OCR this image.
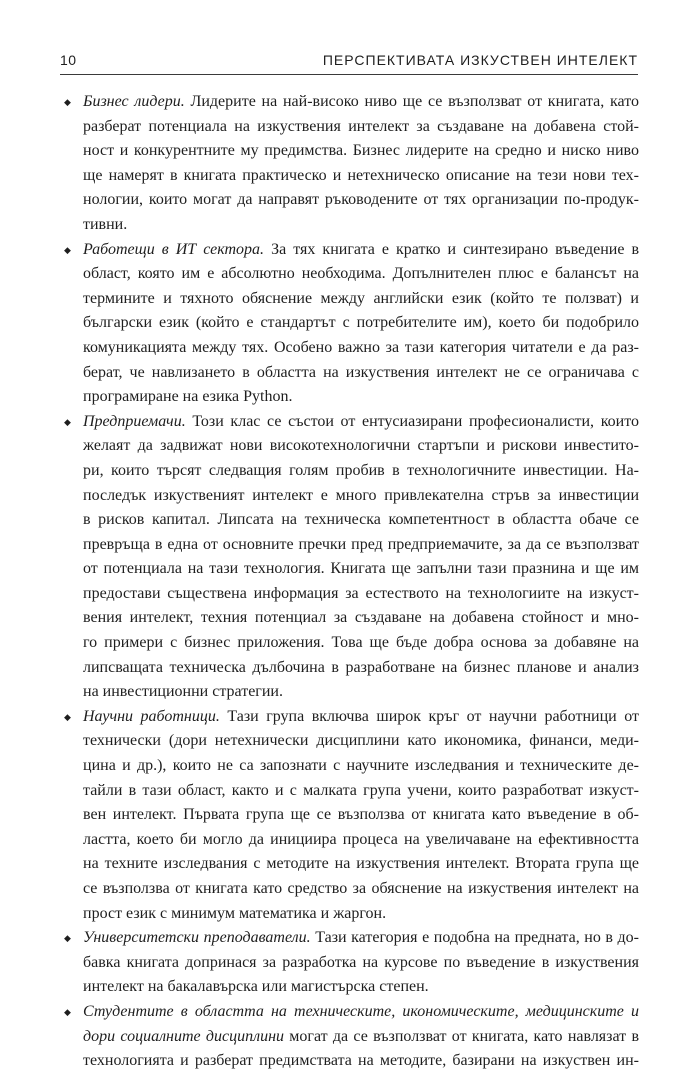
10	ПЕРСПЕКТИВАТА ИЗКУСТВЕН ИНТЕЛЕКТ
◆ Бизнес лидери. Лидерите на най-високо ниво ще се възползват от книгата, като
разберат потенциала на изкуствения интелект за създаване на добавена стой-
ност и конкурентните му предимства. Бизнес лидерите на средно и ниско ниво
ще намерят в книгата практическо и нетехническо описание на тези нови тех-
нологии, които могат да направят ръководените от тях организации по-продук-
тивни.
◆ Работещи в ИТ сектора. За тях книгата е кратко и синтезирано въведение в
област, която им е абсолютно необходима. Допълнителен плюс е балансът на
термините и тяхното обяснение между английски език (който те ползват) и
български език (който е стандартът с потребителите им), което би подобрило
комуникацията между тях. Особено важно за тази категория читатели е да раз-
берат, че навлизането в областта на изкуствения интелект не се ограничава с
програмиране на езика Python.
◆ Предприемачи. Този клас се състои от ентусиазирани професионалисти, които
желаят да задвижат нови високотехнологични стартъпи и рискови инвестито-
ри, които търсят следващия голям пробив в технологичните инвестиции. На-
последък изкуственият интелект е много привлекателна стръв за инвестиции
в рисков капитал. Липсата на техническа компетентност в областта обаче се
превръща в една от основните пречки пред предприемачите, за да се възползват
от потенциала на тази технология. Книгата ще запълни тази празнина и ще им
предостави съществена информация за естеството на технологиите на изкуст-
вения интелект, техния потенциал за създаване на добавена стойност и мно-
го примери с бизнес приложения. Това ще бъде добра основа за добавяне на
липсващата техническа дълбочина в разработване на бизнес планове и анализ
на инвестиционни стратегии.
◆ Научни работници. Тази група включва широк кръг от научни работници от
технически (дори нетехнически дисциплини като икономика, финанси, меди-
цина и др.), които не са запознати с научните изследвания и техническите де-
тайли в тази област, както и с малката група учени, които разработват изкуст-
вен интелект. Първата група ще се възползва от книгата като въведение в об-
ластта, което би могло да инициира процеса на увеличаване на ефективността
на техните изследвания с методите на изкуствения интелект. Втората група ще
се възползва от книгата като средство за обяснение на изкуствения интелект на
прост език с минимум математика и жаргон.
◆ Университетски преподаватели. Тази категория е подобна на предната, но в до-
бавка книгата допринася за разработка на курсове по въведение в изкуствения
интелект на бакалавърска или магистърска степен.
◆ Студентите в областта на техническите, икономическите, медицинските и
дори социалните дисциплини могат да се възползват от книгата, като навлязат в
технологията и разберат предимствата на методите, базирани на изкуствен ин-
